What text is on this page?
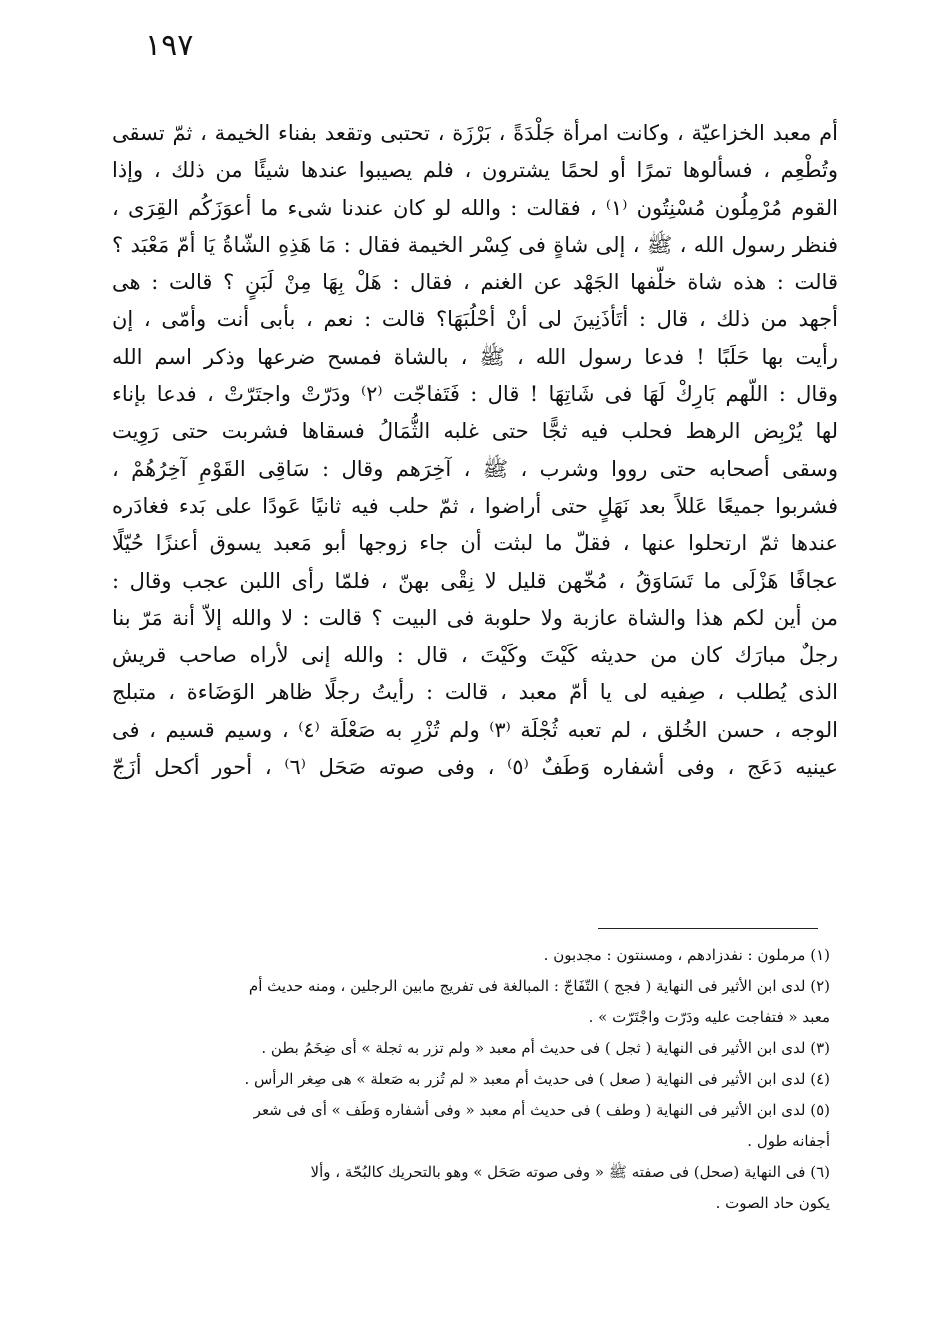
١٩٧
أم معبد الخزاعيّة ، وكانت امرأة جَلْدَةً ، بَرْزَة ، تحتبى وتقعد بفناء الخيمة ، ثمّ تسقى
وتُطْعِم ، فسألوها تمرًا أو لحمًا يشترون ، فلم يصيبوا عندها شيئًا من ذلك ، وإذا
القوم مُرْمِلُون مُسْنِتُون ⁽١⁾ ، فقالت : والله لو كان عندنا شىء ما أعوَزَكُم القِرَى ،
فنظر رسول الله ، ﷺ ، إلى شاةٍ فى كِسْر الخيمة فقال : مَا هَذِهِ الشّاةُ يَا أمّ مَعْبَد ؟
قالت : هذه شاة خلّفها الجَهْد عن الغنم ، فقال : هَلْ بِهَا مِنْ لَبَنٍ ؟ قالت : هى
أجهد من ذلك ، قال : أتَأذَنِينَ لى أنْ أحْلُبَهَا؟ قالت : نعم ، بأبى أنت وأمّى ، إن
رأيت بها حَلَبًا ! فدعا رسول الله ، ﷺ ، بالشاة فمسح ضرعها وذكر اسم الله
وقال : اللّهم بَارِكْ لَهَا فى شَاتِهَا ! قال : فَتَفاجّت ⁽٢⁾ ودَرّتْ واجتَرّتْ ، فدعا بإناء
لها يُرْبِض الرهط فحلب فيه ثجًّا حتى غلبه الثُّمَالُ فسقاها فشربت حتى رَوِيت
وسقى أصحابه حتى رووا وشرب ، ﷺ ، آخِرَهم وقال : سَاقِى القَوْمِ آخِرُهُمْ ،
فشربوا جميعًا عَللاً بعد نَهَلٍ حتى أراضوا ، ثمّ حلب فيه ثانيًا عَودًا على بَدء فغادَره
عندها ثمّ ارتحلوا عنها ، فقلّ ما لبثت أن جاء زوجها أبو مَعبد يسوق أعنزًا حُيّلًا
عجافًا هَزْلَى ما تَسَاوَقُ ، مُخّهن قليل لا نِقْى بهنّ ، فلمّا رأى اللبن عجب وقال :
من أين لكم هذا والشاة عازبة ولا حلوبة فى البيت ؟ قالت : لا والله إلاّ أنة مَرّ بنا
رجلٌ مبارَك كان من حديثه كَيْتَ وكَيْتَ ، قال : والله إنى لأراه صاحب قريش
الذى يُطلب ، صِفيه لى يا أمّ معبد ، قالت : رأيتُ رجلًا ظاهر الوَضَاءة ، متبلج
الوجه ، حسن الخُلق ، لم تعبه ثُجْلَة ⁽٣⁾ ولم تُزْرِ به صَعْلَة ⁽٤⁾ ، وسيم قسيم ، فى
عينيه دَعَج ، وفى أشفاره وَطَفٌ ⁽٥⁾ ، وفى صوته صَحَل ⁽٦⁾ ، أحور أكحل أزَجّ
(١) مرملون : نفدزادهم ، ومسنتون : مجدبون .
(٢) لدى ابن الأثير فى النهاية ( فجج ) التّفَاجّ : المبالغة فى تفريج مابين الرجلين ، ومنه حديث أم
معبد « فتفاجت عليه ودَرّت واجْتَرّت » .
(٣) لدى ابن الأثير فى النهاية ( ثجل ) فى حديث أم معبد « ولم تزر به ثجلة » أى ضِخَمُ بطن .
(٤) لدى ابن الأثير فى النهاية ( صعل ) فى حديث أم معبد « لم تُزر به صَعلة » هى صِغر الرأس .
(٥) لدى ابن الأثير فى النهاية ( وطف ) فى حديث أم معبد « وفى أشفاره وَطَف » أى فى شعر
أجفانه طول .
(٦) فى النهاية (صحل) فى صفته ﷺ « وفى صوته صَحَل » وهو بالتحريك كالبُحّة ، وألا
يكون حاد الصوت .
